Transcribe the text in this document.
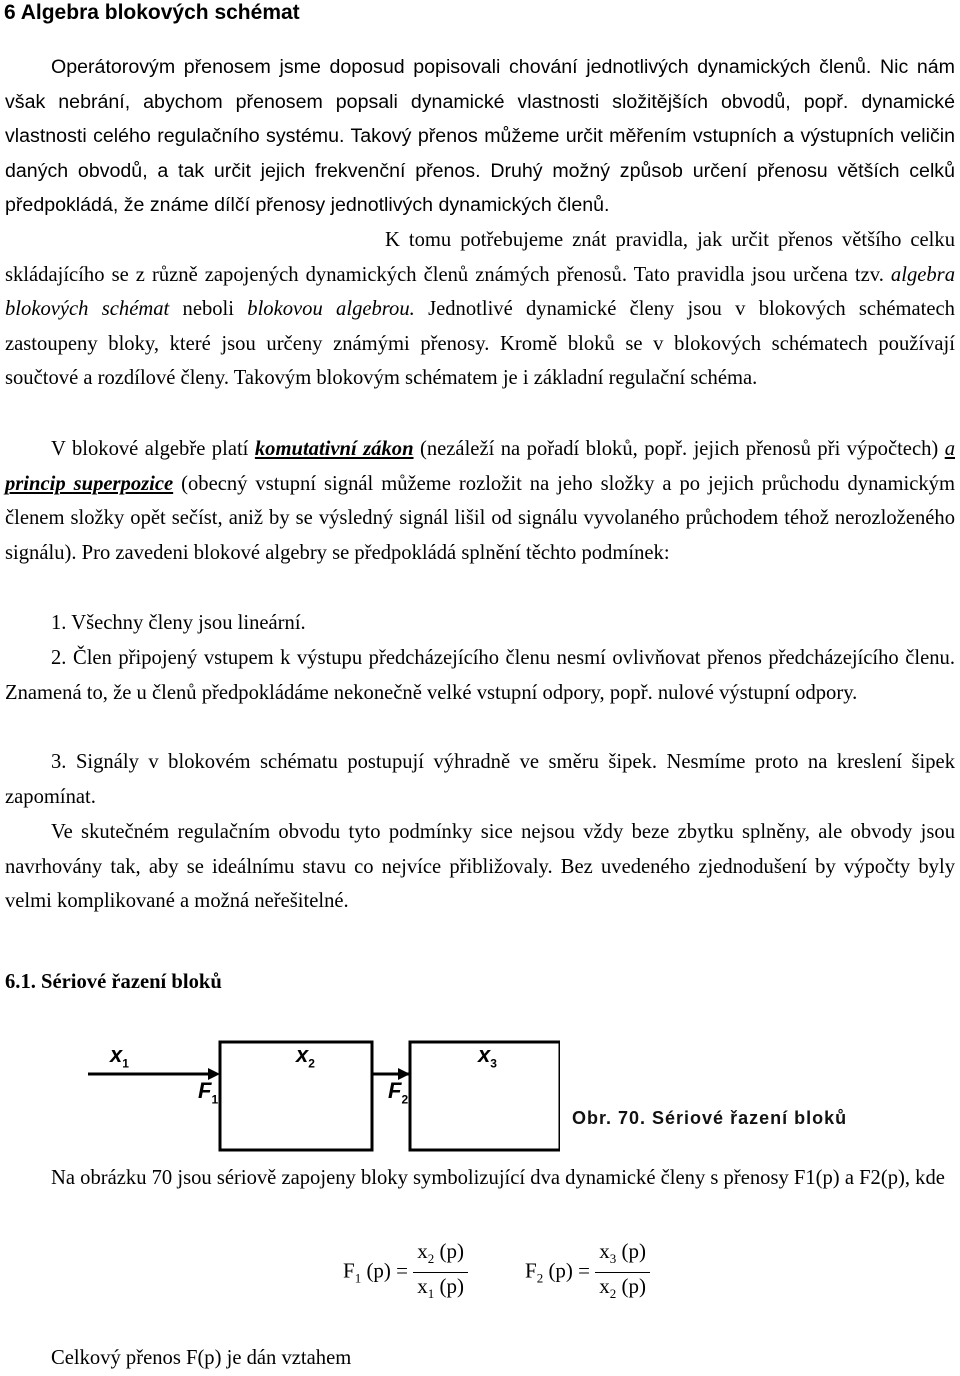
6 Algebra blokových schémat
Operátorovým přenosem jsme doposud popisovali chování jednotlivých dynamických členů. Nic nám však nebrání, abychom přenosem popsali dynamické vlastnosti složitějších obvodů, popř. dynamické vlastnosti celého regulačního systému. Takový přenos můžeme určit měřením vstupních a výstupních veličin daných obvodů, a tak určit jejich frekvenční přenos. Druhý možný způsob určení přenosu větších celků předpokládá, že známe dílčí přenosy jednotlivých dynamických členů.
K tomu potřebujeme znát pravidla, jak určit přenos většího celku skládajícího se z různě zapojených dynamických členů známých přenosů. Tato pravidla jsou určena tzv. algebra blokových schémat neboli blokovou algebrou. Jednotlivé dynamické členy jsou v blokových schématech zastoupeny bloky, které jsou určeny známými přenosy. Kromě bloků se v blokových schématech používají součtové a rozdílové členy. Takovým blokovým schématem je i základní regulační schéma.
V blokové algebře platí komutativní zákon (nezáleží na pořadí bloků, popř. jejich přenosů při výpočtech) a princip superpozice (obecný vstupní signál můžeme rozložit na jeho složky a po jejich průchodu dynamickým členem složky opět sečíst, aniž by se výsledný signál lišil od signálu vyvolaného průchodem téhož nerozloženého signálu). Pro zavedeni blokové algebry se předpokládá splnění těchto podmínek:
1. Všechny členy jsou lineární.
2. Člen připojený vstupem k výstupu předcházejícího členu nesmí ovlivňovat přenos předcházejícího členu. Znamená to, že u členů předpokládáme nekonečně velké vstupní odpory, popř. nulové výstupní odpory.
3. Signály v blokovém schématu postupují výhradně ve směru šipek. Nesmíme proto na kreslení šipek zapomínat.
Ve skutečném regulačním obvodu tyto podmínky sice nejsou vždy beze zbytku splněny, ale obvody jsou navrhovány tak, aby se ideálnímu stavu co nejvíce přibližovaly. Bez uvedeného zjednodušení by výpočty byly velmi komplikované a možná neřešitelné.
6.1. Sériové řazení bloků
$x_1$	$x_2$	$x_3$
$F_1$	$F_2$
Obr. 70. Sériové řazení bloků
Na obrázku 70 jsou sériově zapojeny bloky symbolizující dva dynamické členy s přenosy F1(p) a F2(p), kde
$F_1$ $(p) = \frac{x_2 (p)}{x_1 (p)}$	$F_2$ $(p) = \frac{x_3 (p)}{x_2 (p)}$
Celkový přenos F(p) je dán vztahem
